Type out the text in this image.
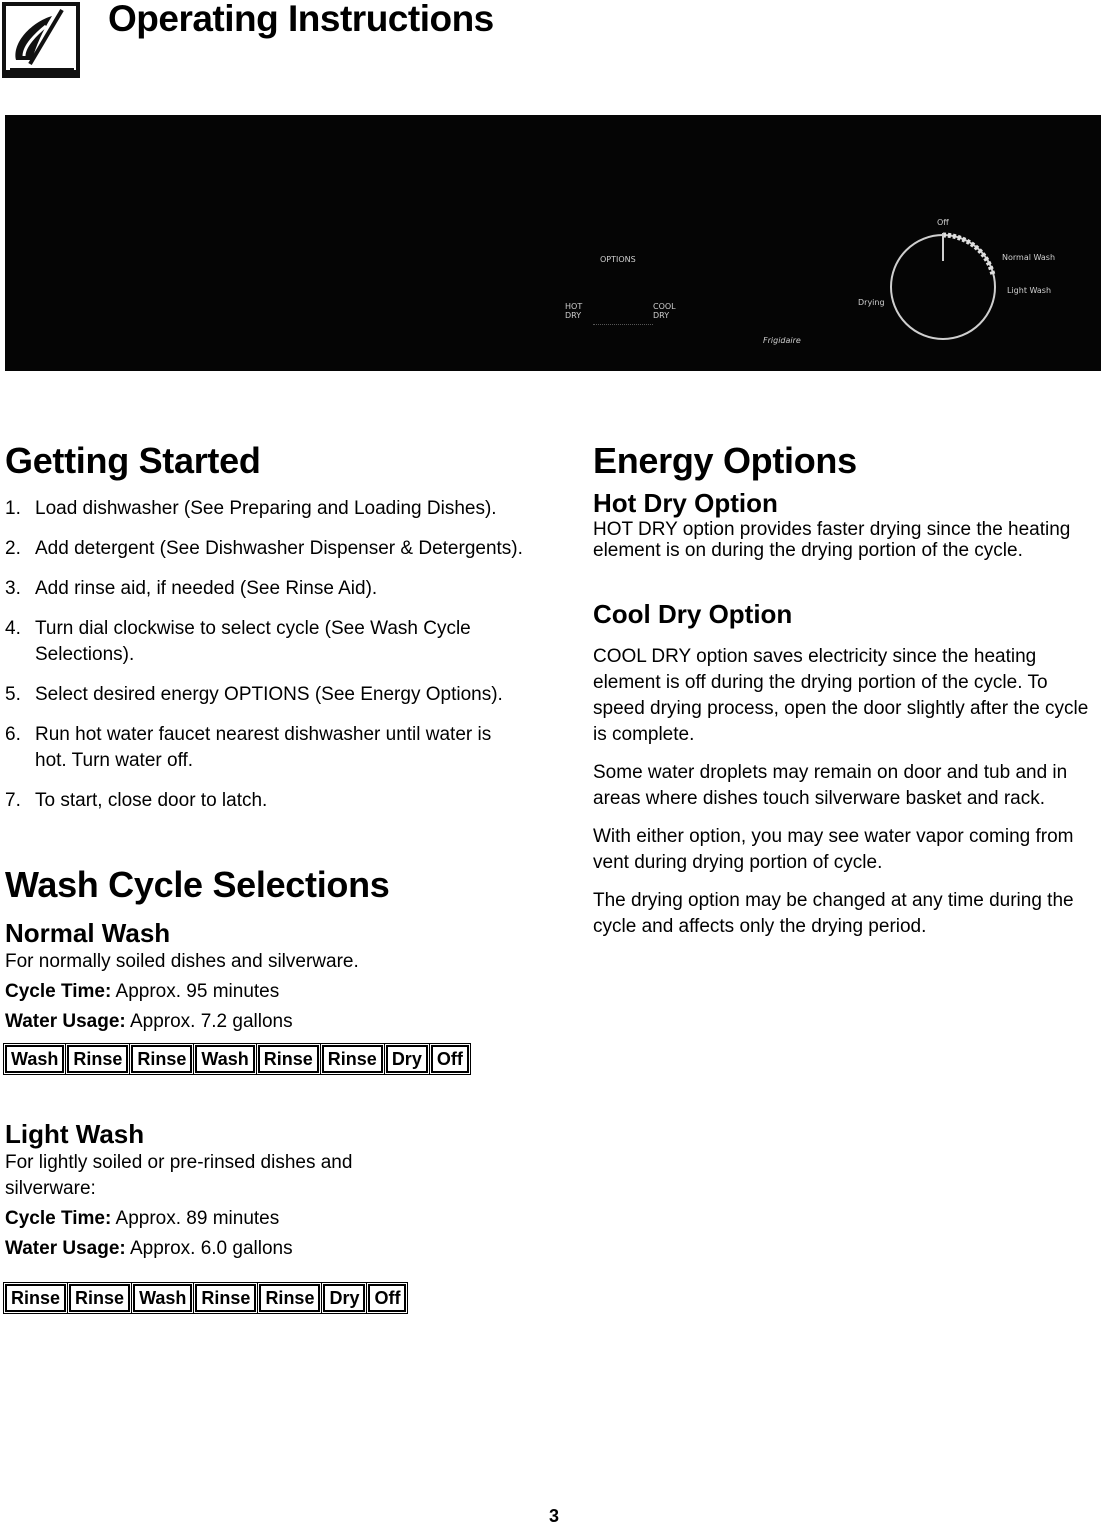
Operating Instructions
OPTIONS
HOT DRY
COOL DRY
Off
Normal Wash
Light Wash
Drying
Frigidaire
Getting Started
1. Load dishwasher (See Preparing and Loading Dishes).
2. Add detergent (See Dishwasher Dispenser & Detergents).
3. Add rinse aid, if needed (See Rinse Aid).
4. Turn dial clockwise to select cycle (See Wash Cycle Selections).
5. Select desired energy OPTIONS (See Energy Options).
6. Run hot water faucet nearest dishwasher until water is hot. Turn water off.
7. To start, close door to latch.
Wash Cycle Selections
Normal Wash

For normally soiled dishes and silverware.

Cycle Time: Approx. 95 minutes

Water Usage: Approx. 7.2 gallons

Wash Rinse Rinse Wash Rinse Rinse Dry Off
Light Wash

For lightly soiled or pre-rinsed dishes and silverware:

Cycle Time: Approx. 89 minutes

Water Usage: Approx. 6.0 gallons

Rinse Rinse Wash Rinse Rinse Dry Off
Energy Options
Hot Dry Option

HOT DRY option provides faster drying since the heating element is on during the drying portion of the cycle.

Cool Dry Option

COOL DRY option saves electricity since the heating element is off during the drying portion of the cycle. To speed drying process, open the door slightly after the cycle is complete.

Some water droplets may remain on door and tub and in areas where dishes touch silverware basket and rack.

With either option, you may see water vapor coming from vent during drying portion of cycle.

The drying option may be changed at any time during the cycle and affects only the drying period.

3
